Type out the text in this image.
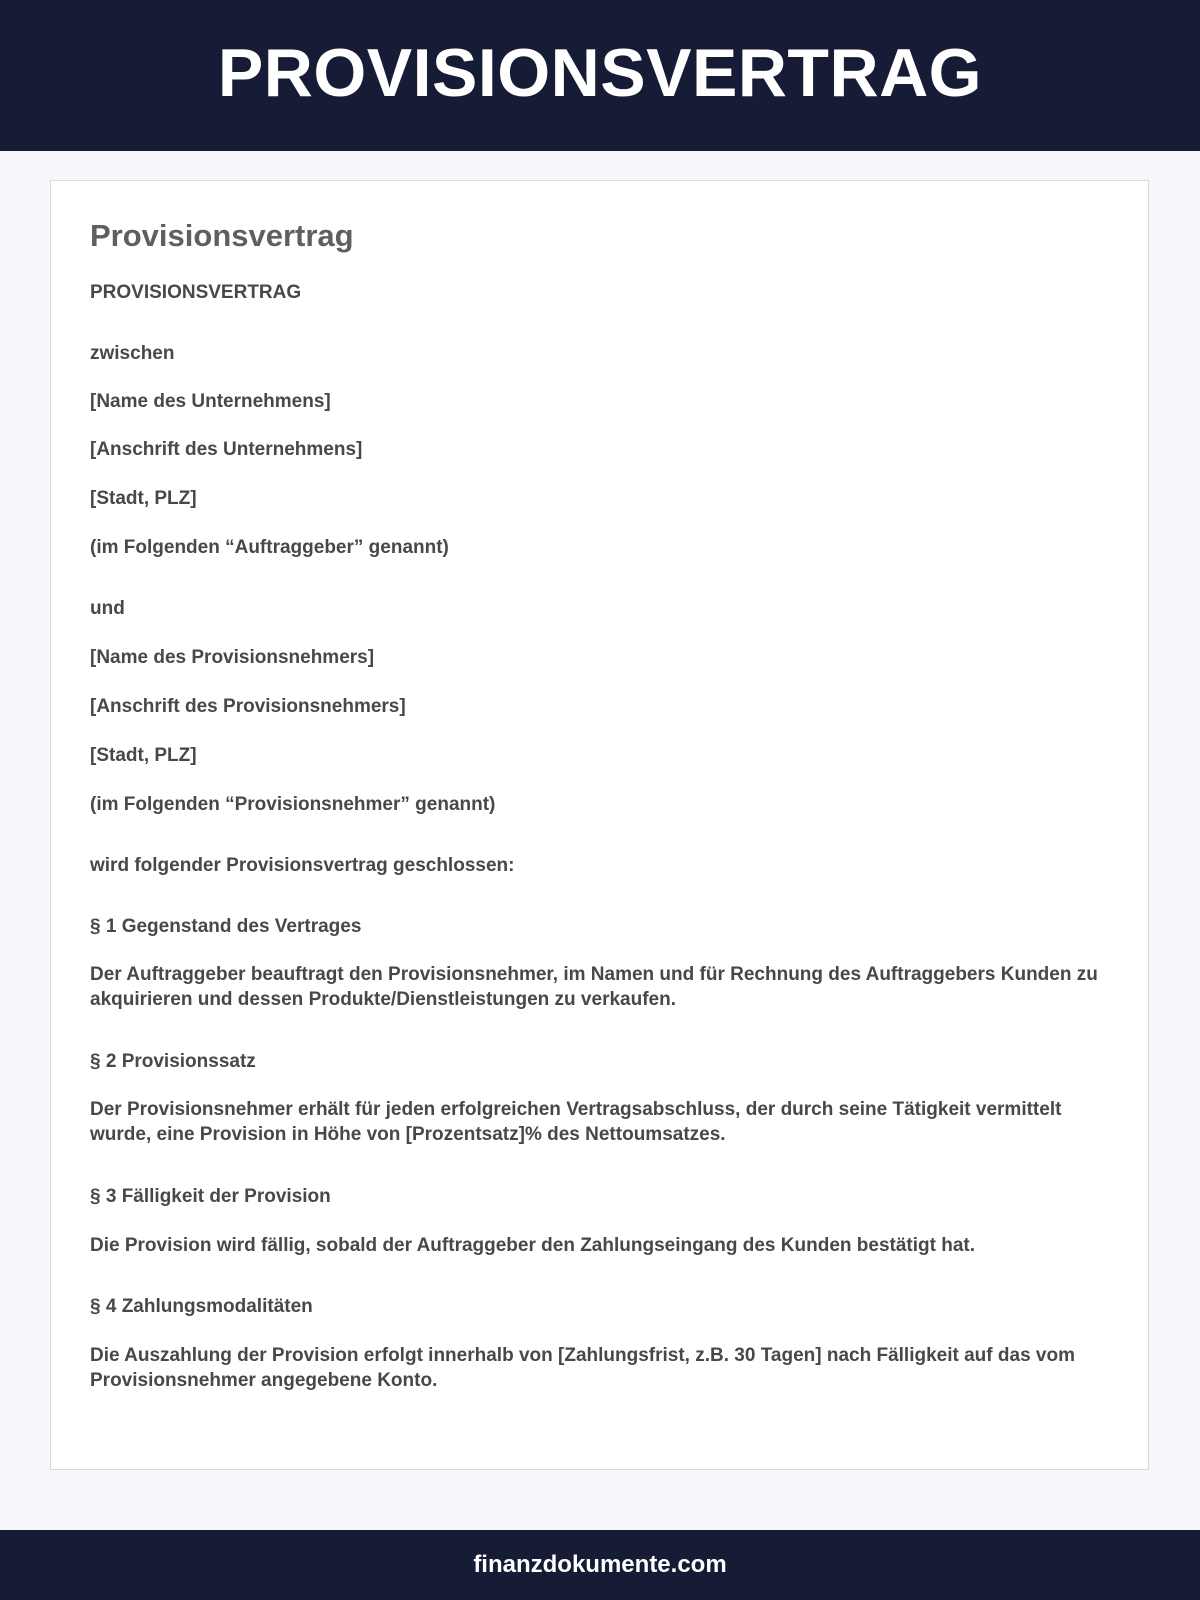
PROVISIONSVERTRAG
Provisionsvertrag
PROVISIONSVERTRAG
zwischen
[Name des Unternehmens]
[Anschrift des Unternehmens]
[Stadt, PLZ]
(im Folgenden “Auftraggeber” genannt)
und
[Name des Provisionsnehmers]
[Anschrift des Provisionsnehmers]
[Stadt, PLZ]
(im Folgenden “Provisionsnehmer” genannt)
wird folgender Provisionsvertrag geschlossen:
§ 1 Gegenstand des Vertrages
Der Auftraggeber beauftragt den Provisionsnehmer, im Namen und für Rechnung des Auftraggebers Kunden zu akquirieren und dessen Produkte/Dienstleistungen zu verkaufen.
§ 2 Provisionssatz
Der Provisionsnehmer erhält für jeden erfolgreichen Vertragsabschluss, der durch seine Tätigkeit vermittelt wurde, eine Provision in Höhe von [Prozentsatz]% des Nettoumsatzes.
§ 3 Fälligkeit der Provision
Die Provision wird fällig, sobald der Auftraggeber den Zahlungseingang des Kunden bestätigt hat.
§ 4 Zahlungsmodalitäten
Die Auszahlung der Provision erfolgt innerhalb von [Zahlungsfrist, z.B. 30 Tagen] nach Fälligkeit auf das vom Provisionsnehmer angegebene Konto.
finanzdokumente.com
